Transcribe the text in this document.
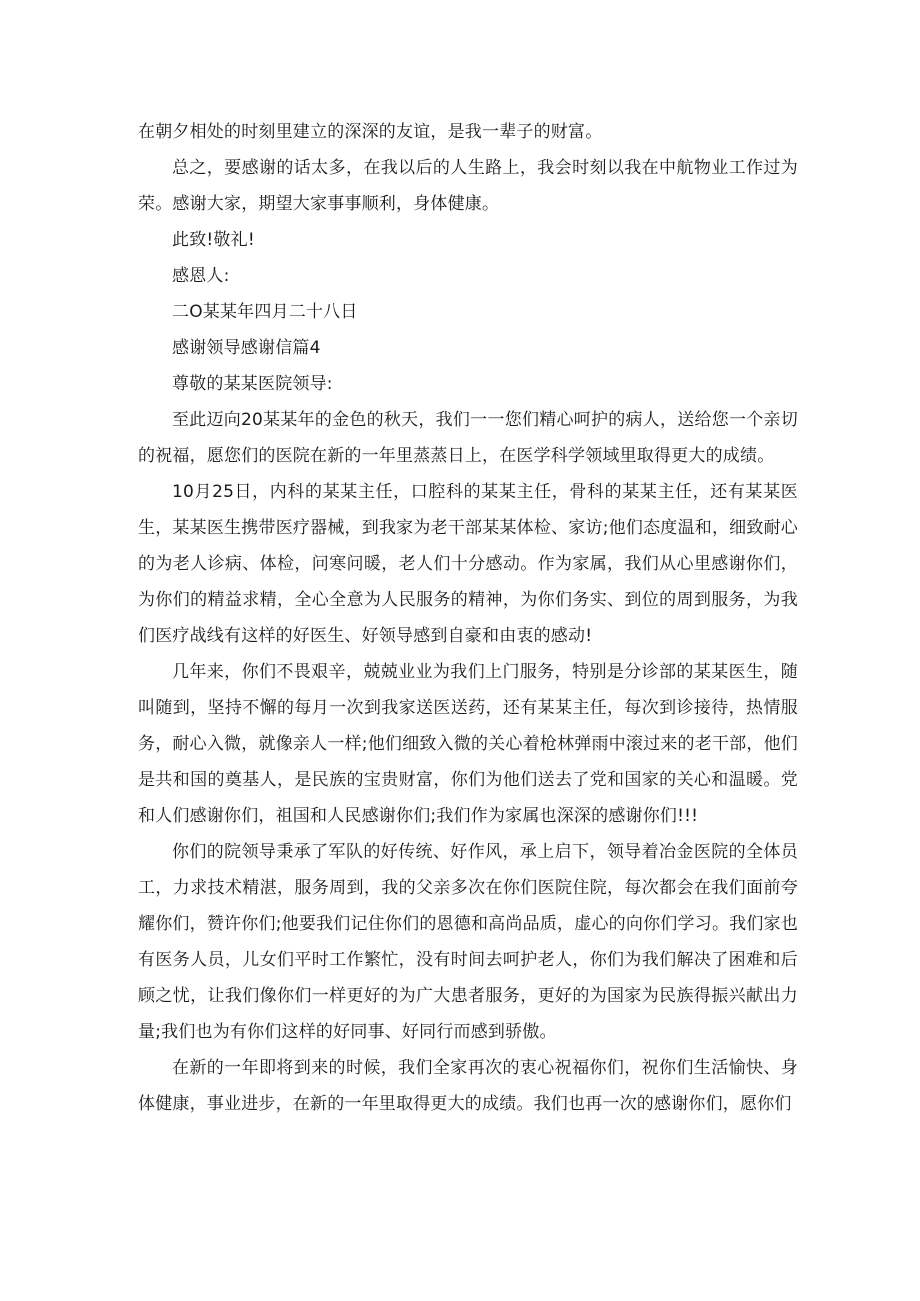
在朝夕相处的时刻里建立的深深的友谊，是我一辈子的财富。

总之，要感谢的话太多，在我以后的人生路上，我会时刻以我在中航物业工作过为荣。感谢大家，期望大家事事顺利，身体健康。

此致!敬礼!

感恩人:

二O某某年四月二十八日

感谢领导感谢信篇4

尊敬的某某医院领导:

至此迈向20某某年的金色的秋天，我们一一您们精心呵护的病人，送给您一个亲切的祝福，愿您们的医院在新的一年里蒸蒸日上，在医学科学领域里取得更大的成绩。

10月25日，内科的某某主任，口腔科的某某主任，骨科的某某主任，还有某某医生，某某医生携带医疗器械，到我家为老干部某某体检、家访;他们态度温和，细致耐心的为老人诊病、体检，问寒问暖，老人们十分感动。作为家属，我们从心里感谢你们，为你们的精益求精，全心全意为人民服务的精神，为你们务实、到位的周到服务，为我们医疗战线有这样的好医生、好领导感到自豪和由衷的感动!

几年来，你们不畏艰辛，兢兢业业为我们上门服务，特别是分诊部的某某医生，随叫随到，坚持不懈的每月一次到我家送医送药，还有某某主任，每次到诊接待，热情服务，耐心入微，就像亲人一样;他们细致入微的关心着枪林弹雨中滚过来的老干部，他们是共和国的奠基人，是民族的宝贵财富，你们为他们送去了党和国家的关心和温暖。党和人们感谢你们，祖国和人民感谢你们;我们作为家属也深深的感谢你们!!!

你们的院领导秉承了军队的好传统、好作风，承上启下，领导着冶金医院的全体员工，力求技术精湛，服务周到，我的父亲多次在你们医院住院，每次都会在我们面前夸耀你们，赞许你们;他要我们记住你们的恩德和高尚品质，虚心的向你们学习。我们家也有医务人员，儿女们平时工作繁忙，没有时间去呵护老人，你们为我们解决了困难和后顾之忧，让我们像你们一样更好的为广大患者服务，更好的为国家为民族得振兴献出力量;我们也为有你们这样的好同事、好同行而感到骄傲。

在新的一年即将到来的时候，我们全家再次的衷心祝福你们，祝你们生活愉快、身体健康，事业进步，在新的一年里取得更大的成绩。我们也再一次的感谢你们，愿你们
